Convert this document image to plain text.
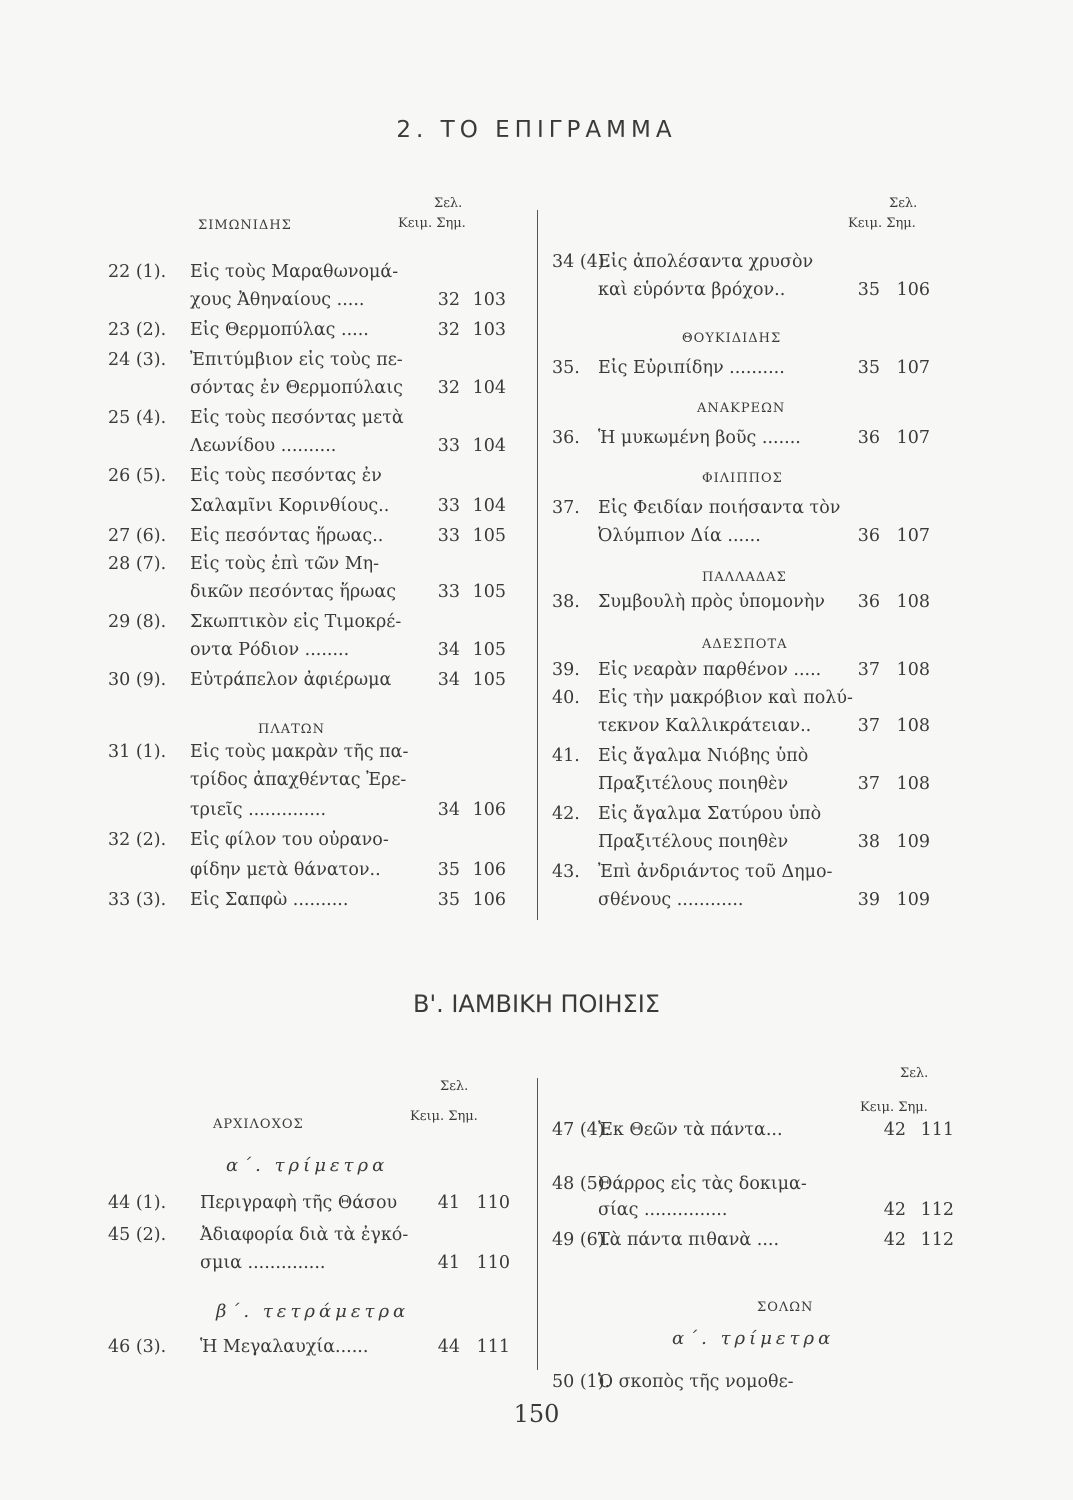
2. ΤΟ ΕΠΙΓΡΑΜΜΑ
Σελ.
ΣΙΜΩΝΙΔΗΣ	Κειμ. Σημ.
ΠΛΑΤΩΝ
22 (1). Εἰς τοὺς Μαραθωνομά-
χους Ἀθηναίους .....	32 103
23 (2). Εἰς Θερμοπύλας .....	32 103
24 (3). Ἐπιτύμβιον εἰς τοὺς πε-
σόντας ἐν Θερμοπύλαις	32 104
25 (4). Εἰς τοὺς πεσόντας μετὰ
Λεωνίδου ..........	33 104
26 (5). Εἰς τοὺς πεσόντας ἐν
Σαλαμῖνι Κορινθίους..	33 104
27 (6). Εἰς πεσόντας ἥρωας..	33 105
28 (7). Εἰς τοὺς ἐπὶ τῶν Μη-
δικῶν πεσόντας ἥρωας	33 105
29 (8). Σκωπτικὸν εἰς Τιμοκρέ-
οντα Ρόδιον ........	34 105
30 (9). Εὐτράπελον ἀφιέρωμα	34 105
31 (1). Εἰς τοὺς μακρὰν τῆς πα-
τρίδος ἀπαχθέντας Ἐρε-
τριεῖς ..............	34 106
32 (2). Εἰς φίλον του οὐρανο-
φίδην μετὰ θάνατον..	35 106
33 (3). Εἰς Σαπφὼ ..........	35 106
Σελ.
Κειμ. Σημ.
ΘΟΥΚΙΔΙΔΗΣ
ΑΝΑΚΡΕΩΝ
ΦΙΛΙΠΠΟΣ
ΠΑΛΛΑΔΑΣ
ΑΔΕΣΠΟΤΑ
34 (4).
Εἰς ἀπολέσαντα χρυσὸν
καὶ εὑρόντα βρόχον..	35 106
35. Εἰς Εὐριπίδην ..........	35 107
36. Ἡ μυκωμένη βοῦς .......	36 107
37. Εἰς Φειδίαν ποιήσαντα τὸν
Ὀλύμπιον Δία ......	36 107
38. Συμβουλὴ πρὸς ὑπομονὴν	36 108
39. Εἰς νεαρὰν παρθένον .....	37 108
40. Εἰς τὴν μακρόβιον καὶ πολύ-
τεκνον Καλλικράτειαν..	37 108
41. Εἰς ἄγαλμα Νιόβης ὑπὸ
Πραξιτέλους ποιηθὲν	37 108
42. Εἰς ἄγαλμα Σατύρου ὑπὸ
Πραξιτέλους ποιηθὲν	38 109
43. Ἐπὶ ἀνδριάντος τοῦ Δημο-
σθένους ............	39 109
Β'. ΙΑΜΒΙΚΗ ΠΟΙΗΣΙΣ
Σελ.
ΑΡΧΙΛΟΧΟΣ
Κειμ. Σημ.
α΄. τρίμετρα
β΄. τετράμετρα
44 (1). Περιγραφὴ τῆς Θάσου	41 110
45 (2). Ἀδιαφορία διὰ τὰ ἐγκό-
σμια ..............	41 110
46 (3). Ἡ Μεγαλαυχία......	44 111
Σελ.
Κειμ. Σημ.
ΣΟΛΩΝ
α΄. τρίμετρα
47 (4).
Ἐκ Θεῶν τὰ πάντα...	42 111
48 (5).
Θάρρος εἰς τὰς δοκιμα-
σίας ...............	42 112
49 (6).
Τὰ πάντα πιθανὰ ....	42 112
50 (1).
Ὁ σκοπὸς τῆς νομοθε-
150
